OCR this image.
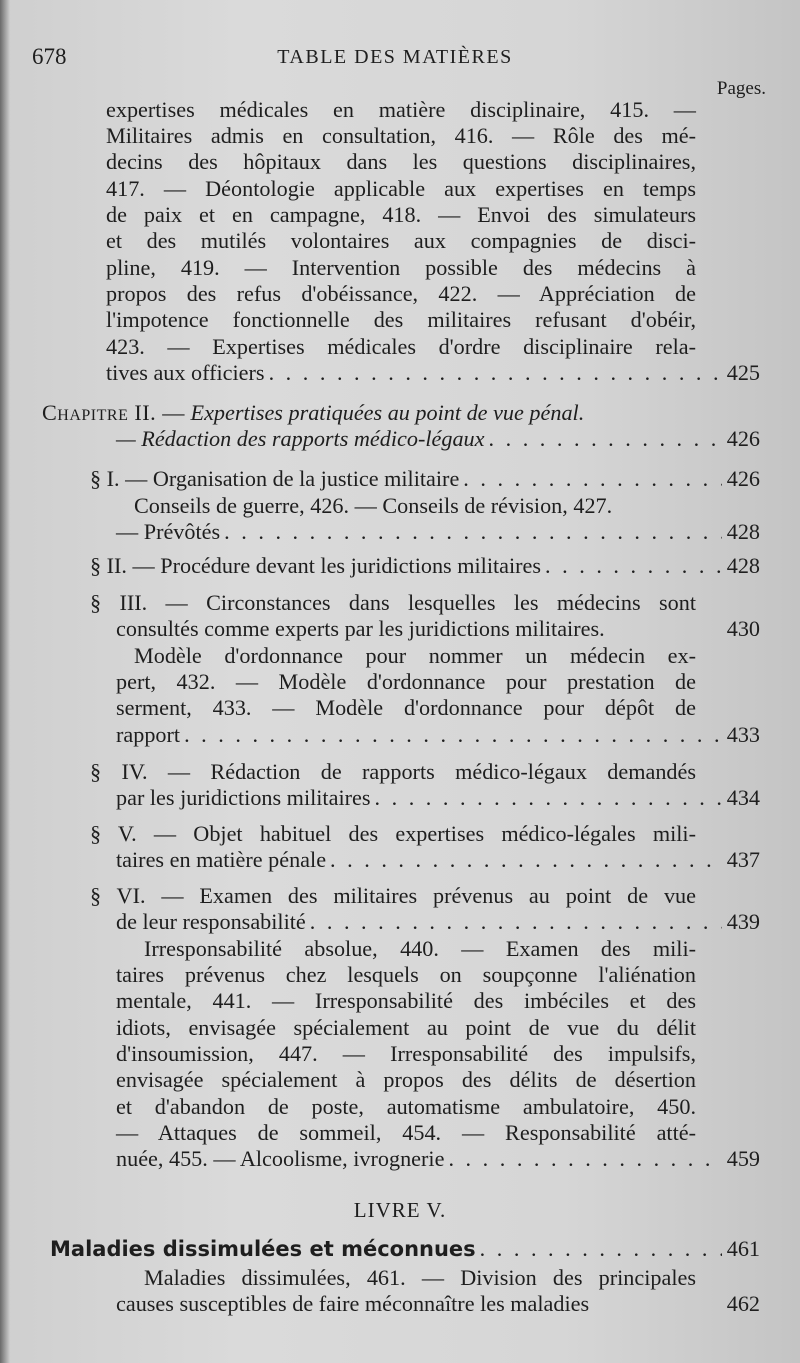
678	TABLE DES MATIÈRES
Pages.
expertises médicales en matière disciplinaire, 415. —
Militaires admis en consultation, 416. — Rôle des mé-
decins des hôpitaux dans les questions disciplinaires,
417. — Déontologie applicable aux expertises en temps
de paix et en campagne, 418. — Envoi des simulateurs
et des mutilés volontaires aux compagnies de disci-
pline, 419. — Intervention possible des médecins à
propos des refus d'obéissance, 422. — Appréciation de
l'impotence fonctionnelle des militaires refusant d'obéir,
423. — Expertises médicales d'ordre disciplinaire rela-
tives aux officiers . . .	425
Chapitre II. — Expertises pratiquées au point de vue pénal.
— Rédaction des rapports médico-légaux . . .	426
§ I. — Organisation de la justice militaire . . .	426
Conseils de guerre, 426. — Conseils de révision, 427.
— Prévôtés . . .	428
§ II. — Procédure devant les juridictions militaires . . .	428
§ III. — Circonstances dans lesquelles les médecins sont
consultés comme experts par les juridictions militaires.	430
Modèle d'ordonnance pour nommer un médecin ex-
pert, 432. — Modèle d'ordonnance pour prestation de
serment, 433. — Modèle d'ordonnance pour dépôt de
rapport . . .	433
§ IV. — Rédaction de rapports médico-légaux demandés
par les juridictions militaires . . .	434
§ V. — Objet habituel des expertises médico-légales mili-
taires en matière pénale . . .	437
§ VI. — Examen des militaires prévenus au point de vue
de leur responsabilité . . .	439
Irresponsabilité absolue, 440. — Examen des mili-
taires prévenus chez lesquels on soupçonne l'aliénation
mentale, 441. — Irresponsabilité des imbéciles et des
idiots, envisagée spécialement au point de vue du délit
d'insoumission, 447. — Irresponsabilité des impulsifs,
envisagée spécialement à propos des délits de désertion
et d'abandon de poste, automatisme ambulatoire, 450.
— Attaques de sommeil, 454. — Responsabilité atté-
nuée, 455. — Alcoolisme, ivrognerie . . .	459
LIVRE V.
Maladies dissimulées et méconnues . . .	461
Maladies dissimulées, 461. — Division des principales
causes susceptibles de faire méconnaître les maladies	462
